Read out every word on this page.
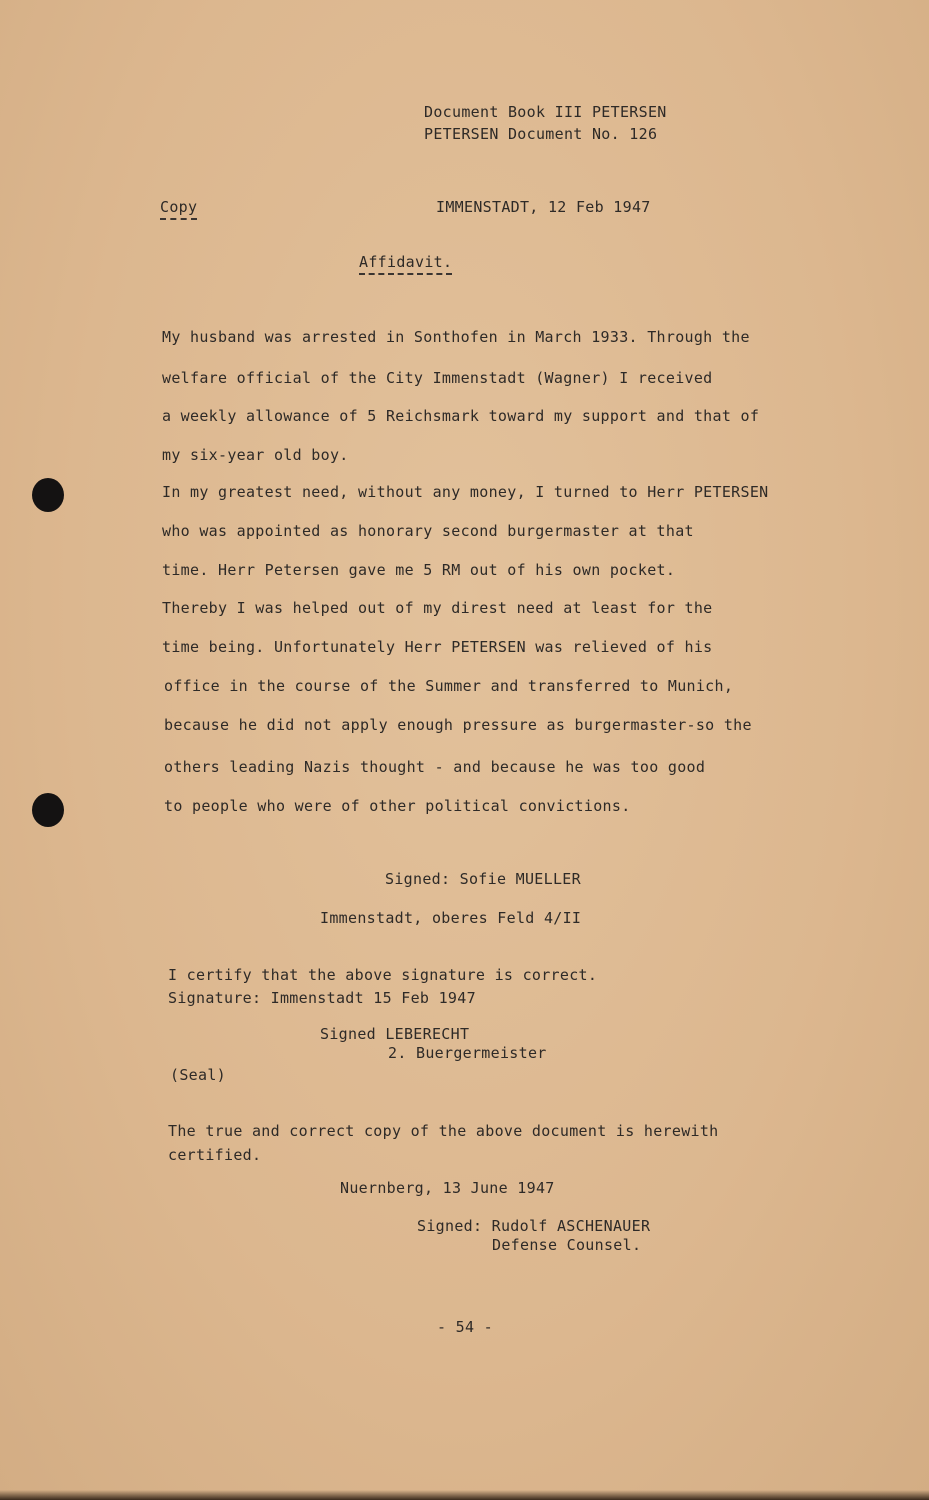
Document Book III PETERSEN
PETERSEN Document No. 126
Copy	IMMENSTADT, 12 Feb 1947
Affidavit.
My husband was arrested in Sonthofen in March 1933. Through the
welfare official of the City Immenstadt (Wagner) I received
a weekly allowance of 5 Reichsmark toward my support and that of
my six-year old boy.
In my greatest need, without any money, I turned to Herr PETERSEN
who was appointed as honorary second burgermaster at that
time. Herr Petersen gave me 5 RM out of his own pocket.
Thereby I was helped out of my direst need at least for the
time being. Unfortunately Herr PETERSEN was relieved of his
office in the course of the Summer and transferred to Munich,
because he did not apply enough pressure as burgermaster-so the
others leading Nazis thought - and because he was too good
to people who were of other political convictions.
Signed: Sofie MUELLER
Immenstadt, oberes Feld 4/II
I certify that the above signature is correct.
Signature: Immenstadt 15 Feb 1947
Signed LEBERECHT
2. Buergermeister
(Seal)
The true and correct copy of the above document is herewith
certified.
Nuernberg, 13 June 1947
Signed: Rudolf ASCHENAUER
Defense Counsel.
- 54 -
